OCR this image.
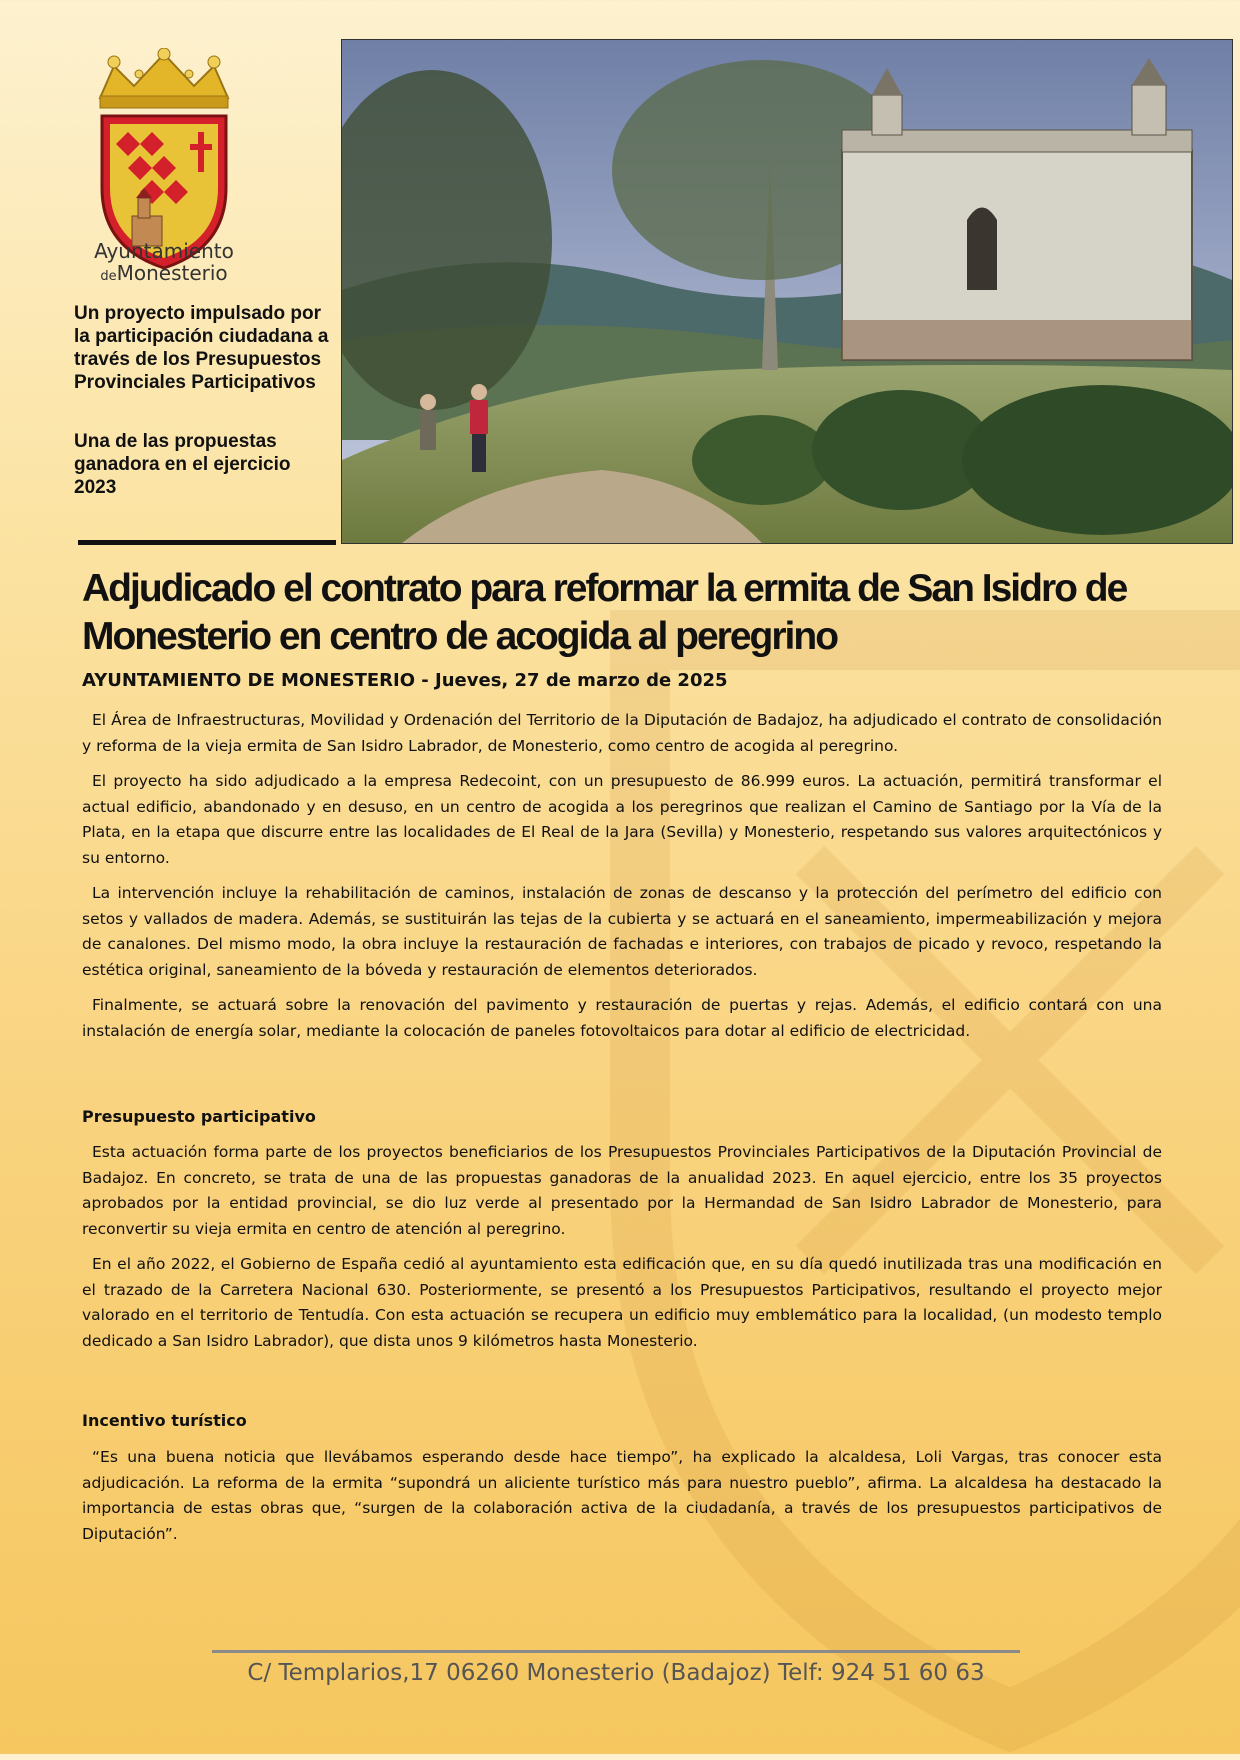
Ayuntamiento
deMonesterio

Un proyecto impulsado por la participación ciudadana a través de los Presupuestos Provinciales Participativos

Una de las propuestas ganadora en el ejercicio 2023

Adjudicado el contrato para reformar la ermita de San Isidro de Monesterio en centro de acogida al peregrino

AYUNTAMIENTO DE MONESTERIO - Jueves, 27 de marzo de 2025

El Área de Infraestructuras, Movilidad y Ordenación del Territorio de la Diputación de Badajoz, ha adjudicado el contrato de consolidación y reforma de la vieja ermita de San Isidro Labrador, de Monesterio, como centro de acogida al peregrino.

El proyecto ha sido adjudicado a la empresa Redecoint, con un presupuesto de 86.999 euros. La actuación, permitirá transformar el actual edificio, abandonado y en desuso, en un centro de acogida a los peregrinos que realizan el Camino de Santiago por la Vía de la Plata, en la etapa que discurre entre las localidades de El Real de la Jara (Sevilla) y Monesterio, respetando sus valores arquitectónicos y su entorno.

La intervención incluye la rehabilitación de caminos, instalación de zonas de descanso y la protección del perímetro del edificio con setos y vallados de madera. Además, se sustituirán las tejas de la cubierta y se actuará en el saneamiento, impermeabilización y mejora de canalones. Del mismo modo, la obra incluye la restauración de fachadas e interiores, con trabajos de picado y revoco, respetando la estética original, saneamiento de la bóveda y restauración de elementos deteriorados.

Finalmente, se actuará sobre la renovación del pavimento y restauración de puertas y rejas. Además, el edificio contará con una instalación de energía solar, mediante la colocación de paneles fotovoltaicos para dotar al edificio de electricidad.

Presupuesto participativo

Esta actuación forma parte de los proyectos beneficiarios de los Presupuestos Provinciales Participativos de la Diputación Provincial de Badajoz. En concreto, se trata de una de las propuestas ganadoras de la anualidad 2023. En aquel ejercicio, entre los 35 proyectos aprobados por la entidad provincial, se dio luz verde al presentado por la Hermandad de San Isidro Labrador de Monesterio, para reconvertir su vieja ermita en centro de atención al peregrino.

En el año 2022, el Gobierno de España cedió al ayuntamiento esta edificación que, en su día quedó inutilizada tras una modificación en el trazado de la Carretera Nacional 630. Posteriormente, se presentó a los Presupuestos Participativos, resultando el proyecto mejor valorado en el territorio de Tentudía. Con esta actuación se recupera un edificio muy emblemático para la localidad, (un modesto templo dedicado a San Isidro Labrador), que dista unos 9 kilómetros hasta Monesterio.

Incentivo turístico

“Es una buena noticia que llevábamos esperando desde hace tiempo”, ha explicado la alcaldesa, Loli Vargas, tras conocer esta adjudicación. La reforma de la ermita “supondrá un aliciente turístico más para nuestro pueblo”, afirma. La alcaldesa ha destacado la importancia de estas obras que, “surgen de la colaboración activa de la ciudadanía, a través de los presupuestos participativos de Diputación”.

C/ Templarios,17 06260 Monesterio (Badajoz) Telf: 924 51 60 63
